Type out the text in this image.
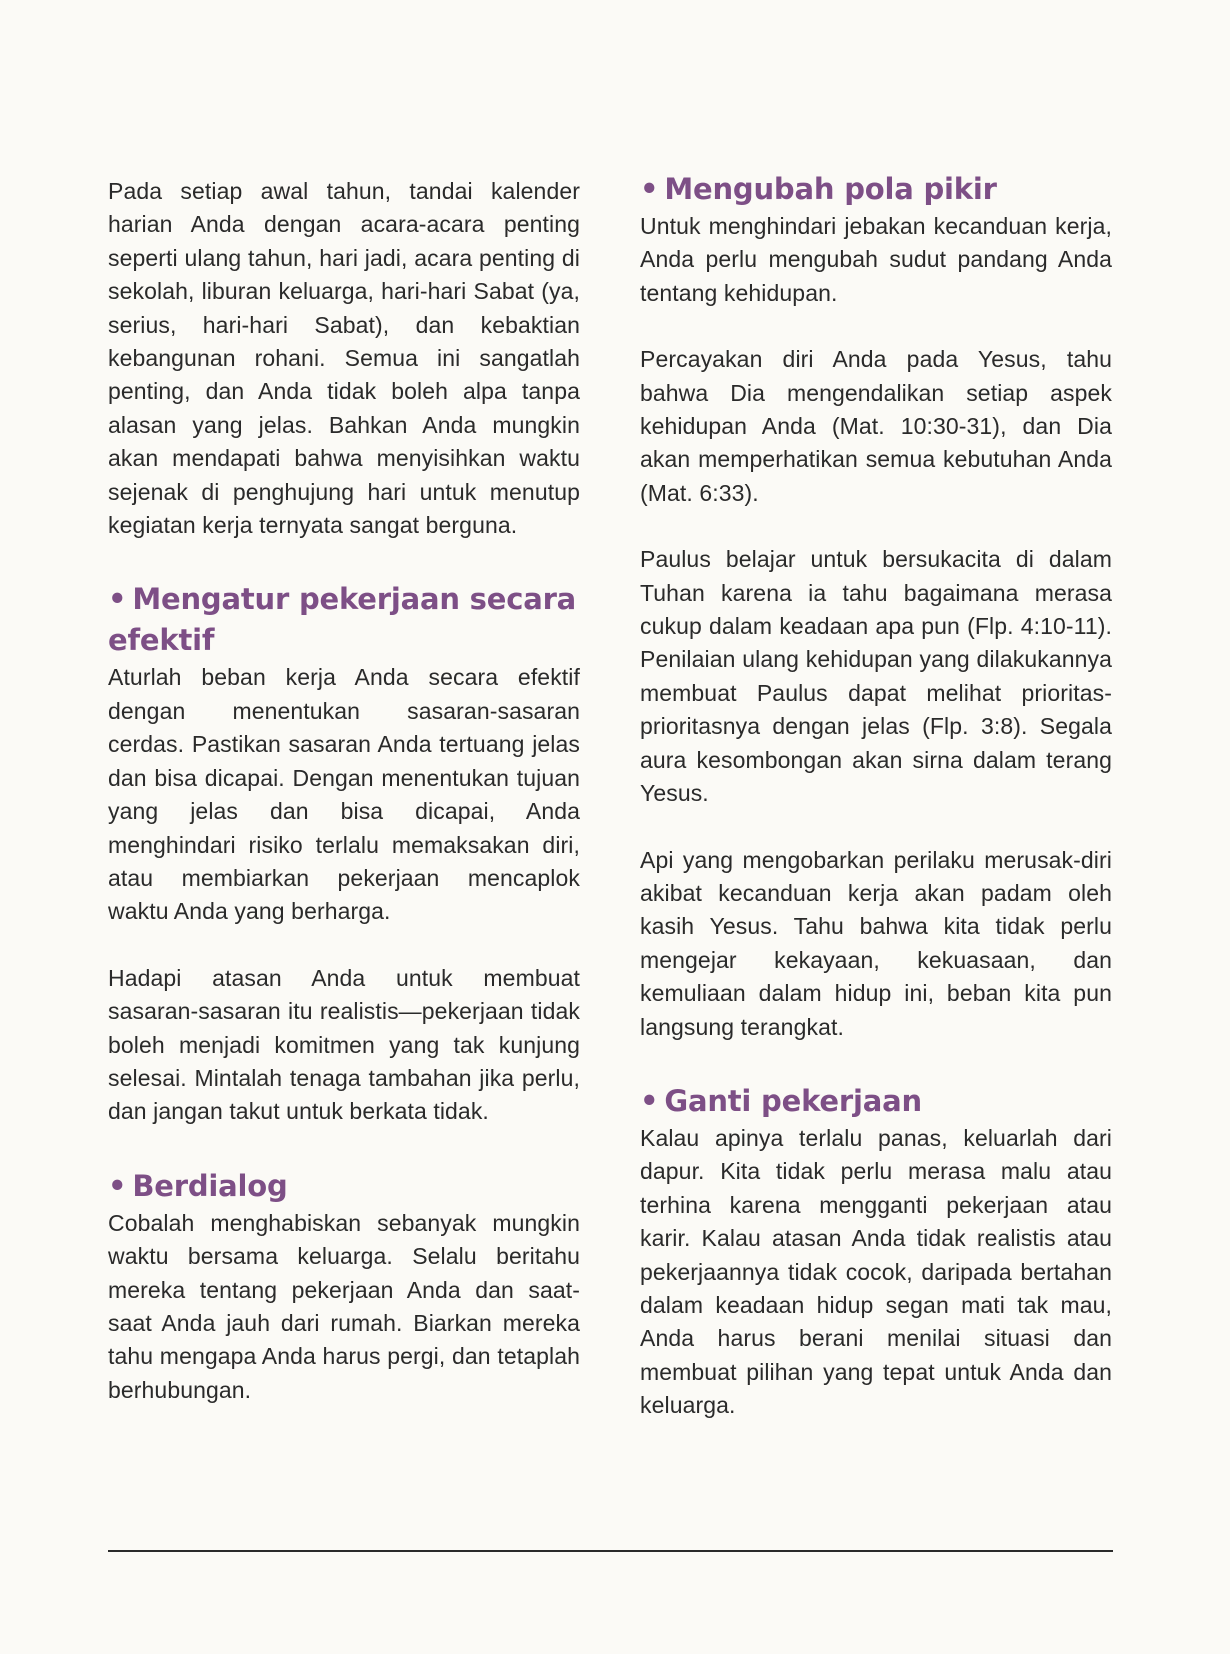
Pada setiap awal tahun, tandai kalender harian Anda dengan acara-acara penting seperti ulang tahun, hari jadi, acara penting di sekolah, liburan keluarga, hari-hari Sabat (ya, serius, hari-hari Sabat), dan kebaktian kebangunan rohani. Semua ini sangatlah penting, dan Anda tidak boleh alpa tanpa alasan yang jelas. Bahkan Anda mungkin akan mendapati bahwa menyisihkan waktu sejenak di penghujung hari untuk menutup kegiatan kerja ternyata sangat berguna.

• Mengatur pekerjaan secara efektif

Aturlah beban kerja Anda secara efektif dengan menentukan sasaran-sasaran cerdas. Pastikan sasaran Anda tertuang jelas dan bisa dicapai. Dengan menentukan tujuan yang jelas dan bisa dicapai, Anda menghindari risiko terlalu memaksakan diri, atau membiarkan pekerjaan mencaplok waktu Anda yang berharga.

Hadapi atasan Anda untuk membuat sasaran-sasaran itu realistis—pekerjaan tidak boleh menjadi komitmen yang tak kunjung selesai. Mintalah tenaga tambahan jika perlu, dan jangan takut untuk berkata tidak.

• Berdialog

Cobalah menghabiskan sebanyak mungkin waktu bersama keluarga. Selalu beritahu mereka tentang pekerjaan Anda dan saat-saat Anda jauh dari rumah. Biarkan mereka tahu mengapa Anda harus pergi, dan tetaplah berhubungan.

• Mengubah pola pikir

Untuk menghindari jebakan kecanduan kerja, Anda perlu mengubah sudut pandang Anda tentang kehidupan.

Percayakan diri Anda pada Yesus, tahu bahwa Dia mengendalikan setiap aspek kehidupan Anda (Mat. 10:30-31), dan Dia akan memperhatikan semua kebutuhan Anda (Mat. 6:33).

Paulus belajar untuk bersukacita di dalam Tuhan karena ia tahu bagaimana merasa cukup dalam keadaan apa pun (Flp. 4:10-11). Penilaian ulang kehidupan yang dilakukannya membuat Paulus dapat melihat prioritas-prioritasnya dengan jelas (Flp. 3:8). Segala aura kesombongan akan sirna dalam terang Yesus.

Api yang mengobarkan perilaku merusak-diri akibat kecanduan kerja akan padam oleh kasih Yesus. Tahu bahwa kita tidak perlu mengejar kekayaan, kekuasaan, dan kemuliaan dalam hidup ini, beban kita pun langsung terangkat.

• Ganti pekerjaan

Kalau apinya terlalu panas, keluarlah dari dapur. Kita tidak perlu merasa malu atau terhina karena mengganti pekerjaan atau karir. Kalau atasan Anda tidak realistis atau pekerjaannya tidak cocok, daripada bertahan dalam keadaan hidup segan mati tak mau, Anda harus berani menilai situasi dan membuat pilihan yang tepat untuk Anda dan keluarga.
